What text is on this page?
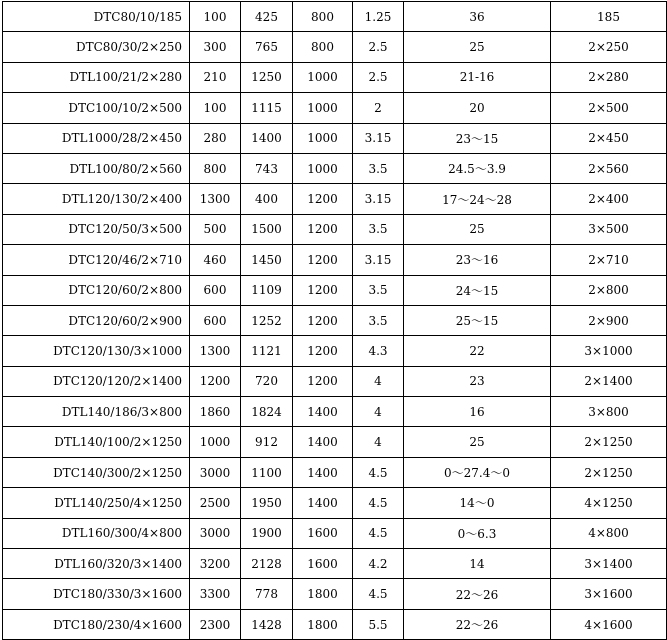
DTC80/10/185	100	425	800	1.25	36	185
DTC80/30/2×250	300	765	800	2.5	25	2×250
DTL100/21/2×280	210	1250	1000	2.5	21-16	2×280
DTC100/10/2×500	100	1115	1000	2	20	2×500
DTL1000/28/2×450	280	1400	1000	3.15	23～15	2×450
DTL100/80/2×560	800	743	1000	3.5	24.5～3.9	2×560
DTL120/130/2×400	1300	400	1200	3.15	17～24～28	2×400
DTC120/50/3×500	500	1500	1200	3.5	25	3×500
DTC120/46/2×710	460	1450	1200	3.15	23～16	2×710
DTC120/60/2×800	600	1109	1200	3.5	24～15	2×800
DTC120/60/2×900	600	1252	1200	3.5	25～15	2×900
DTC120/130/3×1000	1300	1121	1200	4.3	22	3×1000
DTC120/120/2×1400	1200	720	1200	4	23	2×1400
DTL140/186/3×800	1860	1824	1400	4	16	3×800
DTL140/100/2×1250	1000	912	1400	4	25	2×1250
DTC140/300/2×1250	3000	1100	1400	4.5	0～27.4～0	2×1250
DTL140/250/4×1250	2500	1950	1400	4.5	14～0	4×1250
DTL160/300/4×800	3000	1900	1600	4.5	0～6.3	4×800
DTL160/320/3×1400	3200	2128	1600	4.2	14	3×1400
DTC180/330/3×1600	3300	778	1800	4.5	22～26	3×1600
DTC180/230/4×1600	2300	1428	1800	5.5	22～26	4×1600
